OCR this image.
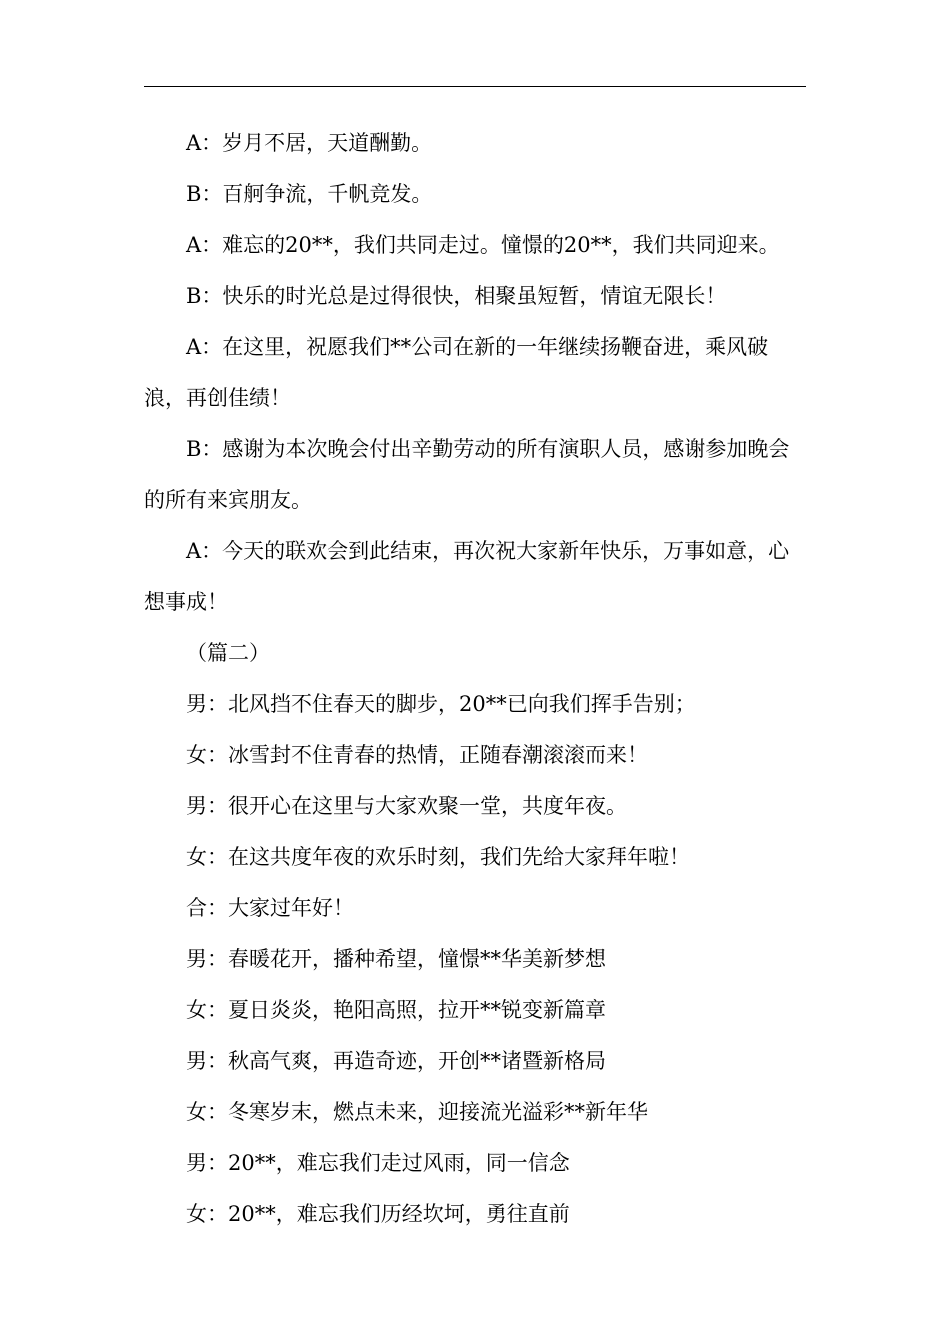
A：岁月不居，天道酬勤。

B：百舸争流，千帆竞发。

A：难忘的20**，我们共同走过。憧憬的20**，我们共同迎来。

B：快乐的时光总是过得很快，相聚虽短暂，情谊无限长！

A：在这里，祝愿我们**公司在新的一年继续扬鞭奋进，乘风破浪，再创佳绩！

B：感谢为本次晚会付出辛勤劳动的所有演职人员，感谢参加晚会的所有来宾朋友。

A：今天的联欢会到此结束，再次祝大家新年快乐，万事如意，心想事成！

（篇二）

男：北风挡不住春天的脚步，20**已向我们挥手告别；

女：冰雪封不住青春的热情，正随春潮滚滚而来！

男：很开心在这里与大家欢聚一堂，共度年夜。

女：在这共度年夜的欢乐时刻，我们先给大家拜年啦！

合：大家过年好！

男：春暖花开，播种希望，憧憬**华美新梦想

女：夏日炎炎，艳阳高照，拉开**锐变新篇章

男：秋高气爽，再造奇迹，开创**诸暨新格局

女：冬寒岁末，燃点未来，迎接流光溢彩**新年华

男：20**，难忘我们走过风雨，同一信念

女：20**，难忘我们历经坎坷，勇往直前
